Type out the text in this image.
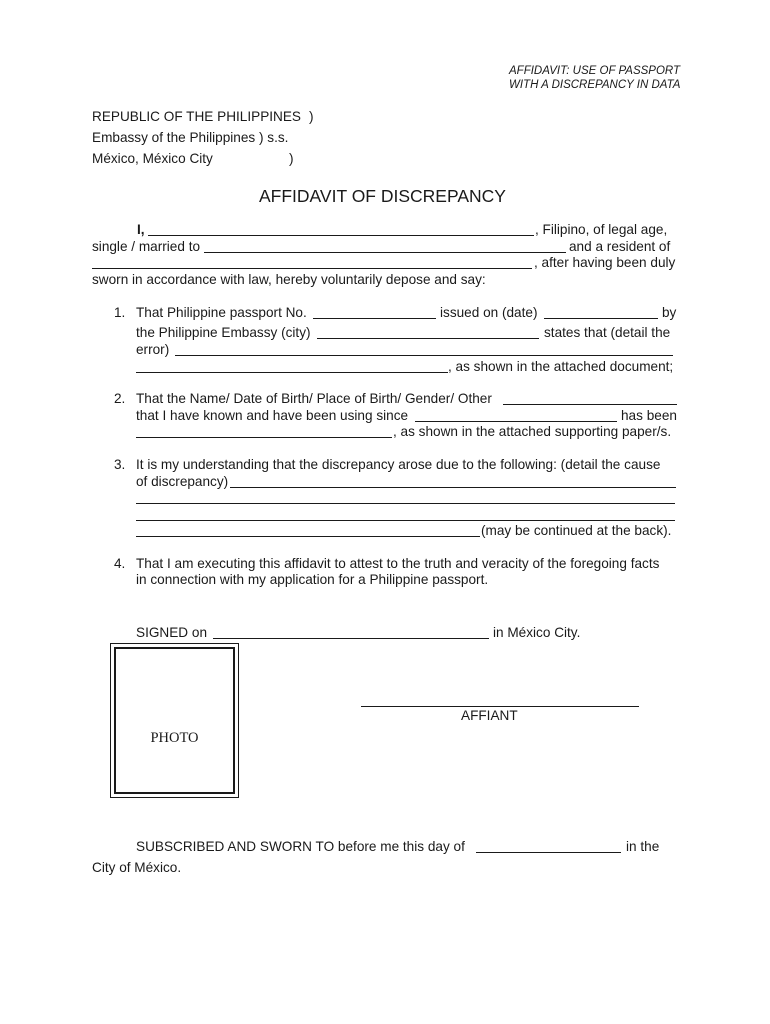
AFFIDAVIT: USE OF PASSPORT
WITH A DISCREPANCY IN DATA
REPUBLIC OF THE PHILIPPINES )
Embassy of the Philippines ) s.s.
México, México City	)
AFFIDAVIT OF DISCREPANCY
I,	, Filipino, of legal age,
single / married to	and a resident of
, after having been duly
sworn in accordance with law, hereby voluntarily depose and say:
1. That Philippine passport No.	issued on (date)	by
the Philippine Embassy (city)	states that (detail the
error)
, as shown in the attached document;
2. That the Name/ Date of Birth/ Place of Birth/ Gender/ Other
that I have known and have been using since	has been
, as shown in the attached supporting paper/s.
3. It is my understanding that the discrepancy arose due to the following: (detail the cause
of discrepancy)
(may be continued at the back).
4. That I am executing this affidavit to attest to the truth and veracity of the foregoing facts
in connection with my application for a Philippine passport.
SIGNED on	in México City.
PHOTO
AFFIANT
SUBSCRIBED AND SWORN TO before me this day of	in the
City of México.
